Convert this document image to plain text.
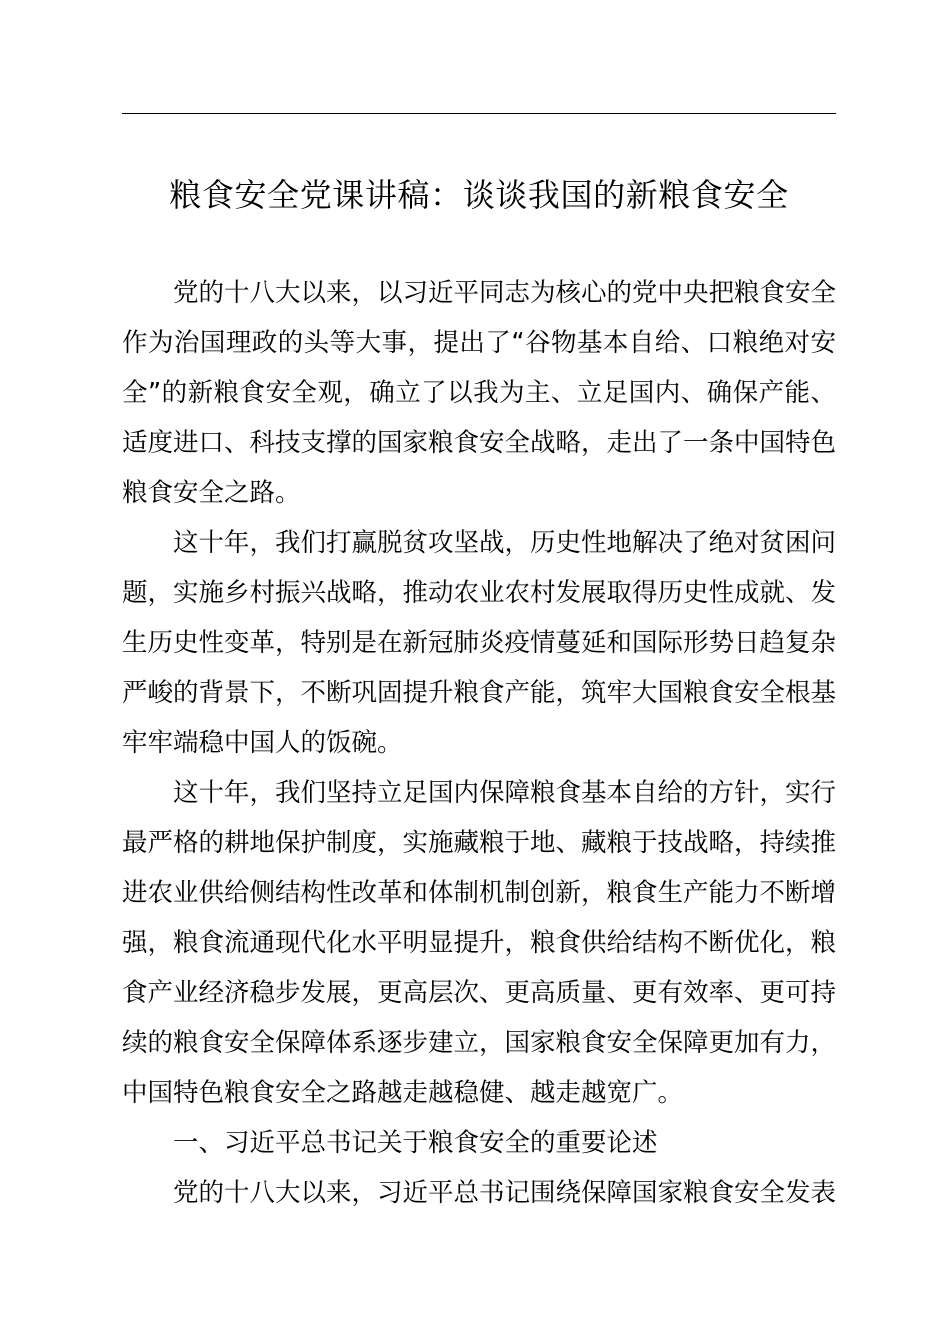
粮食安全党课讲稿：谈谈我国的新粮食安全
党的十八大以来，以习近平同志为核心的党中央把粮食安全
作为治国理政的头等大事，提出了“谷物基本自给、口粮绝对安
全”的新粮食安全观，确立了以我为主、立足国内、确保产能、
适度进口、科技支撑的国家粮食安全战略，走出了一条中国特色
粮食安全之路。
这十年，我们打赢脱贫攻坚战，历史性地解决了绝对贫困问
题，实施乡村振兴战略，推动农业农村发展取得历史性成就、发
生历史性变革，特别是在新冠肺炎疫情蔓延和国际形势日趋复杂
严峻的背景下，不断巩固提升粮食产能，筑牢大国粮食安全根基
牢牢端稳中国人的饭碗。
这十年，我们坚持立足国内保障粮食基本自给的方针，实行
最严格的耕地保护制度，实施藏粮于地、藏粮于技战略，持续推
进农业供给侧结构性改革和体制机制创新，粮食生产能力不断增
强，粮食流通现代化水平明显提升，粮食供给结构不断优化，粮
食产业经济稳步发展，更高层次、更高质量、更有效率、更可持
续的粮食安全保障体系逐步建立，国家粮食安全保障更加有力，
中国特色粮食安全之路越走越稳健、越走越宽广。
一、习近平总书记关于粮食安全的重要论述
党的十八大以来，习近平总书记围绕保障国家粮食安全发表
